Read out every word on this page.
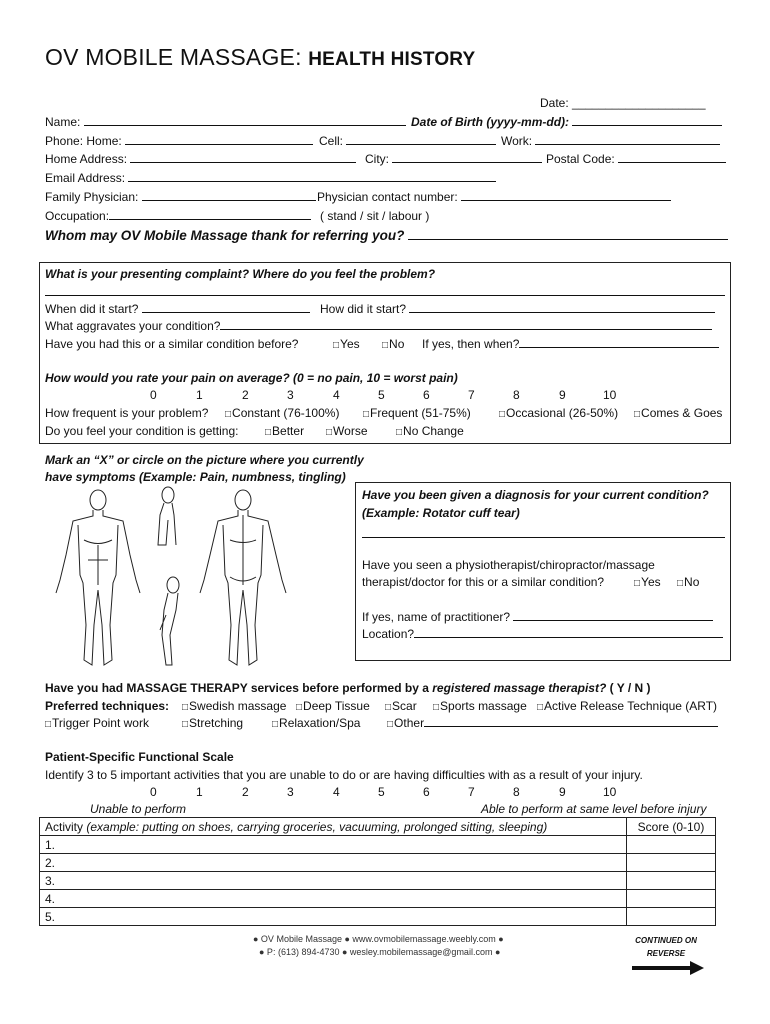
OV MOBILE MASSAGE: HEALTH HISTORY
Date: ____________________
Name:	Date of Birth (yyyy-mm-dd):
Phone: Home:	Cell:	Work:
Home Address:	City:	Postal Code:
Email Address:
Family Physician:	Physician contact number:
Occupation:	( stand / sit / labour )
Whom may OV Mobile Massage thank for referring you?
What is your presenting complaint? Where do you feel the problem?
When did it start?	How did it start?
What aggravates your condition?
Have you had this or a similar condition before?	□ Yes	□ No If yes, then when?
How would you rate your pain on average? (0 = no pain, 10 = worst pain)
0	1	2	3	4	5	6	7	8	9	10
How frequent is your problem?	□ Constant (76-100%)	□ Frequent (51-75%)	□ Occasional (26-50%)	□ Comes & Goes
Do you feel your condition is getting:	□ Better	□ Worse	□ No Change
Mark an “X” or circle on the picture where you currently
have symptoms (Example: Pain, numbness, tingling)
Have you been given a diagnosis for your current condition?
(Example: Rotator cuff tear)
Have you seen a physiotherapist/chiropractor/massage
therapist/doctor for this or a similar condition?	□ Yes	□ No
If yes, name of practitioner?
Location?
Have you had MASSAGE THERAPY services before performed by a registered massage therapist? ( Y / N )
Preferred techniques:	□ Swedish massage	□ Deep Tissue	□ Scar	□ Sports massage	□ Active Release Technique (ART)
□ Trigger Point work	□ Stretching	□ Relaxation/Spa	□ Other
Patient-Specific Functional Scale
Identify 3 to 5 important activities that you are unable to do or are having difficulties with as a result of your injury.
0	1	2	3	4	5	6	7	8	9	10
Unable to perform	Able to perform at same level before injury
Activity (example: putting on shoes, carrying groceries, vacuuming, prolonged sitting, sleeping)	Score (0-10)
1.	
2.	
3.	
4.	
5.	
● OV Mobile Massage ● www.ovmobilemassage.weebly.com ●
● P: (613) 894-4730 ● wesley.mobilemassage@gmail.com ●
CONTINUED ON
REVERSE
